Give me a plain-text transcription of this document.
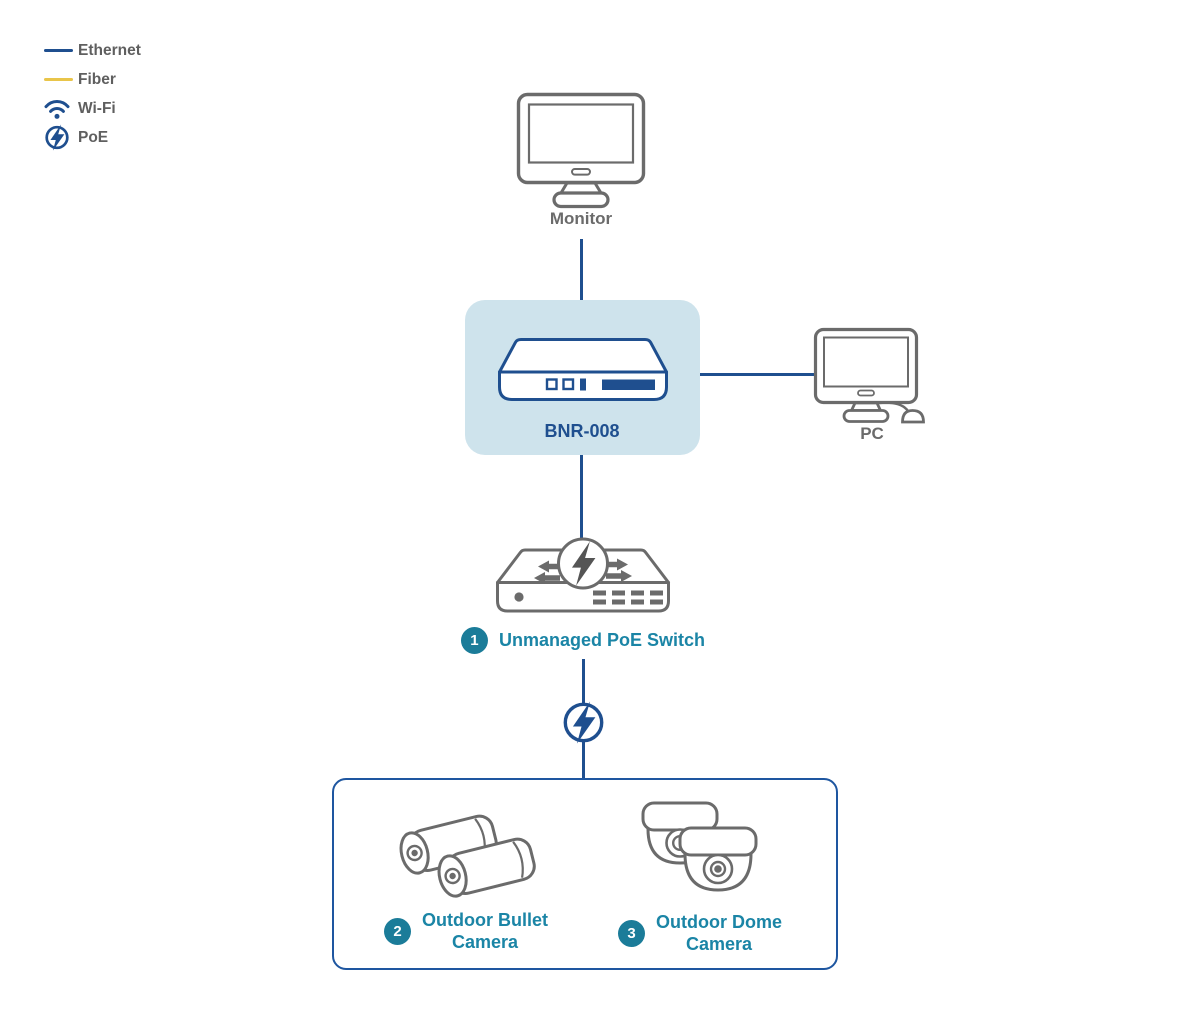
Ethernet
Fiber
Wi-Fi
PoE
Monitor
BNR-008	PC
1	Unmanaged PoE Switch
2
Outdoor Bullet
Camera	3
Outdoor Dome
Camera
